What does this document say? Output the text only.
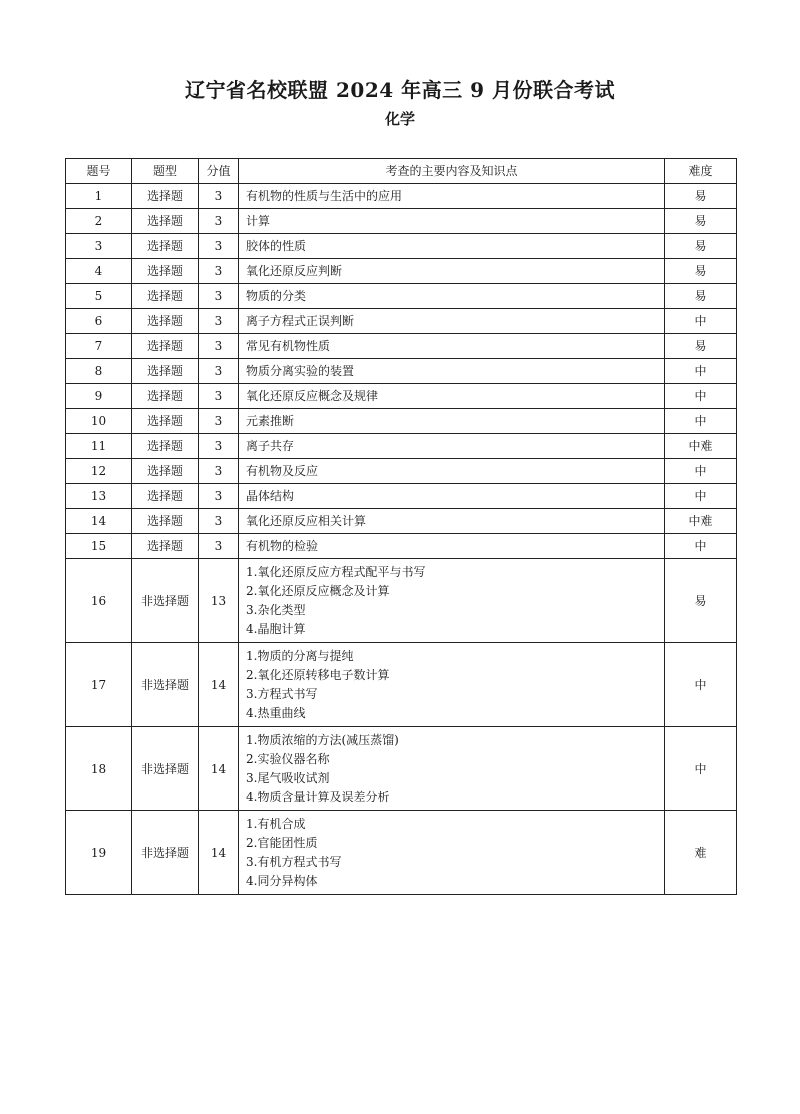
辽宁省名校联盟 2024 年高三 9 月份联合考试
化学
题号	题型	分值	考查的主要内容及知识点	难度
1	选择题	3	有机物的性质与生活中的应用	易
2	选择题	3	计算	易
3	选择题	3	胶体的性质	易
4	选择题	3	氧化还原反应判断	易
5	选择题	3	物质的分类	易
6	选择题	3	离子方程式正误判断	中
7	选择题	3	常见有机物性质	易
8	选择题	3	物质分离实验的装置	中
9	选择题	3	氧化还原反应概念及规律	中
10	选择题	3	元素推断	中
11	选择题	3	离子共存	中难
12	选择题	3	有机物及反应	中
13	选择题	3	晶体结构	中
14	选择题	3	氧化还原反应相关计算	中难
15	选择题	3	有机物的检验	中
16	非选择题	13	1.氧化还原反应方程式配平与书写
2.氧化还原反应概念及计算
3.杂化类型
4.晶胞计算	易
17	非选择题	14	1.物质的分离与提纯
2.氧化还原转移电子数计算
3.方程式书写
4.热重曲线	中
18	非选择题	14	1.物质浓缩的方法(减压蒸馏)
2.实验仪器名称
3.尾气吸收试剂
4.物质含量计算及误差分析	中
19	非选择题	14	1.有机合成
2.官能团性质
3.有机方程式书写
4.同分异构体	难
